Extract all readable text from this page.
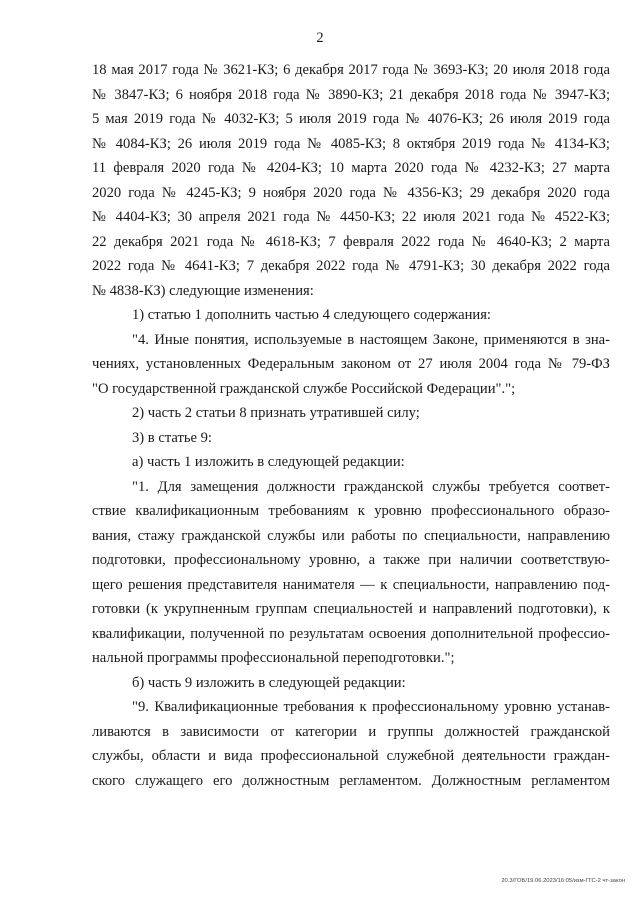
2
18 мая 2017 года № 3621-КЗ; 6 декабря 2017 года № 3693-КЗ; 20 июля 2018 года
№ 3847-КЗ; 6 ноября 2018 года № 3890-КЗ; 21 декабря 2018 года № 3947-КЗ;
5 мая 2019 года № 4032-КЗ; 5 июля 2019 года № 4076-КЗ; 26 июля 2019 года
№ 4084-КЗ; 26 июля 2019 года № 4085-КЗ; 8 октября 2019 года № 4134-КЗ;
11 февраля 2020 года № 4204-КЗ; 10 марта 2020 года № 4232-КЗ; 27 марта
2020 года № 4245-КЗ; 9 ноября 2020 года № 4356-КЗ; 29 декабря 2020 года
№ 4404-КЗ; 30 апреля 2021 года № 4450-КЗ; 22 июля 2021 года № 4522-КЗ;
22 декабря 2021 года № 4618-КЗ; 7 февраля 2022 года № 4640-КЗ; 2 марта
2022 года № 4641-КЗ; 7 декабря 2022 года № 4791-КЗ; 30 декабря 2022 года
№ 4838-КЗ) следующие изменения:
1) статью 1 дополнить частью 4 следующего содержания:
"4. Иные понятия, используемые в настоящем Законе, применяются в зна-
чениях, установленных Федеральным законом от 27 июля 2004 года № 79-ФЗ
"О государственной гражданской службе Российской Федерации".";
2) часть 2 статьи 8 признать утратившей силу;
3) в статье 9:
а) часть 1 изложить в следующей редакции:
"1. Для замещения должности гражданской службы требуется соответ-
ствие квалификационным требованиям к уровню профессионального образо-
вания, стажу гражданской службы или работы по специальности, направлению
подготовки, профессиональному уровню, а также при наличии соответствую-
щего решения представителя нанимателя — к специальности, направлению под-
готовки (к укрупненным группам специальностей и направлений подготовки), к
квалификации, полученной по результатам освоения дополнительной профессио-
нальной программы профессиональной переподготовки.";
б) часть 9 изложить в следующей редакции:
"9. Квалификационные требования к профессиональному уровню устанав-
ливаются в зависимости от категории и группы должностей гражданской
службы, области и вида профессиональной служебной деятельности граждан-
ского служащего его должностным регламентом. Должностным регламентом
20.3/ГОБ/19.06.2023/16:05/изм-ГГС-2 чт-закон
